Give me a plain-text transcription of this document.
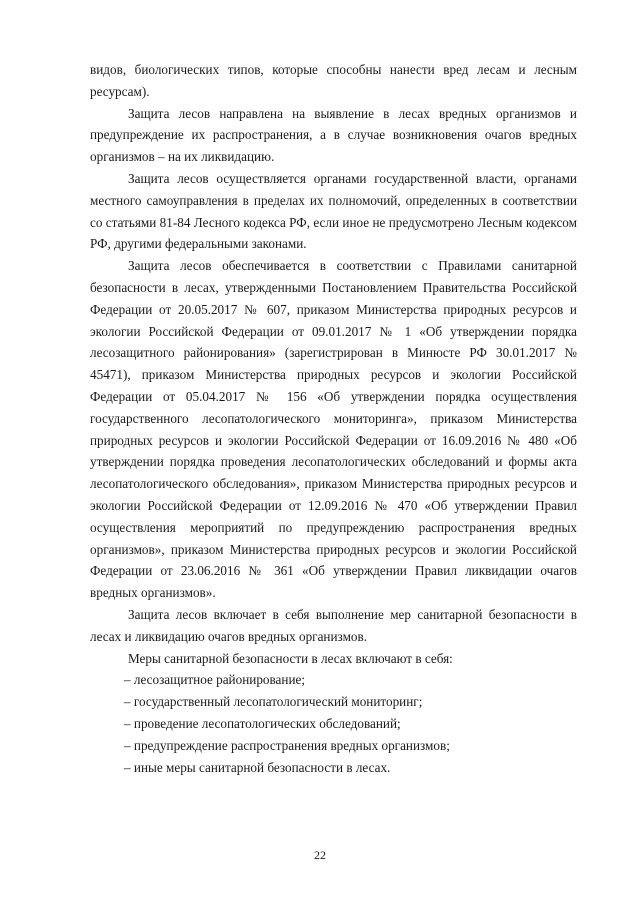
видов, биологических типов, которые способны нанести вред лесам и лесным ресурсам).

Защита лесов направлена на выявление в лесах вредных организмов и предупреждение их распространения, а в случае возникновения очагов вредных организмов – на их ликвидацию.

Защита лесов осуществляется органами государственной власти, органами местного самоуправления в пределах их полномочий, определенных в соответствии со статьями 81-84 Лесного кодекса РФ, если иное не предусмотрено Лесным кодексом РФ, другими федеральными законами.

Защита лесов обеспечивается в соответствии с Правилами санитарной безопасности в лесах, утвержденными Постановлением Правительства Российской Федерации от 20.05.2017 № 607, приказом Министерства природных ресурсов и экологии Российской Федерации от 09.01.2017 № 1 «Об утверждении порядка лесозащитного районирования» (зарегистрирован в Минюсте РФ 30.01.2017 № 45471), приказом Министерства природных ресурсов и экологии Российской Федерации от 05.04.2017 № 156 «Об утверждении порядка осуществления государственного лесопатологического мониторинга», приказом Министерства природных ресурсов и экологии Российской Федерации от 16.09.2016 № 480 «Об утверждении порядка проведения лесопатологических обследований и формы акта лесопатологического обследования», приказом Министерства природных ресурсов и экологии Российской Федерации от 12.09.2016 № 470 «Об утверждении Правил осуществления мероприятий по предупреждению распространения вредных организмов», приказом Министерства природных ресурсов и экологии Российской Федерации от 23.06.2016 № 361 «Об утверждении Правил ликвидации очагов вредных организмов».

Защита лесов включает в себя выполнение мер санитарной безопасности в лесах и ликвидацию очагов вредных организмов.

Меры санитарной безопасности в лесах включают в себя:

– лесозащитное районирование;
– государственный лесопатологический мониторинг;
– проведение лесопатологических обследований;
– предупреждение распространения вредных организмов;
– иные меры санитарной безопасности в лесах.
22
